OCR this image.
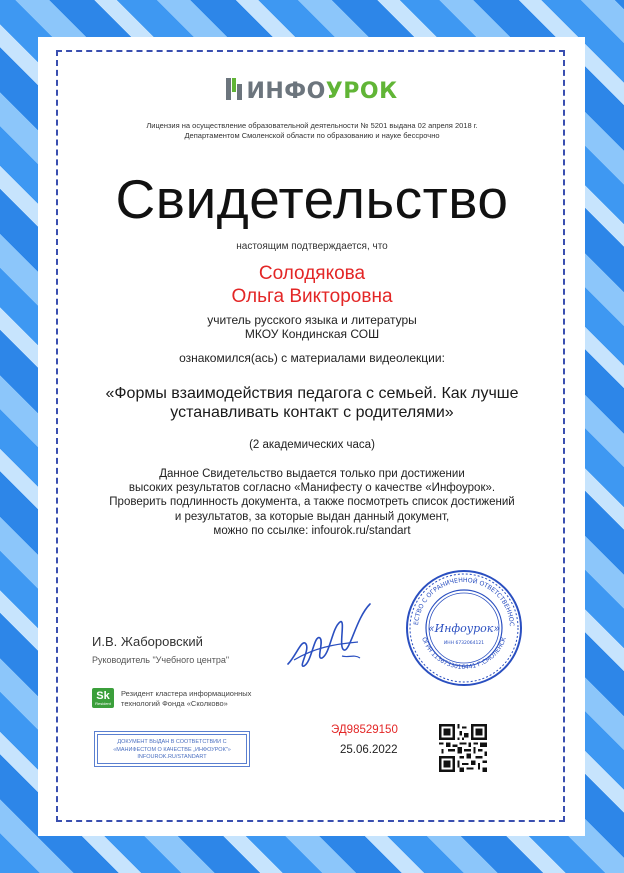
ИНФОУРОК
Лицензия на осуществление образовательной деятельности № 5201 выдана 02 апреля 2018 г.
Департаментом Смоленской области по образованию и науке бессрочно
Свидетельство
настоящим подтверждается, что
Солодякова
Ольга Викторовна
учитель русского языка и литературы
МКОУ Кондинская СОШ
ознакомился(ась) с материалами видеолекции:
«Формы взаимодействия педагога с семьей. Как лучше
устанавливать контакт с родителями»
(2 академических часа)
Данное Свидетельство выдается только при достижении
высоких результатов согласно «Манифесту о качестве «Инфоурок».
Проверить подлинность документа, а также посмотреть список достижений
и результатов, за которые выдан данный документ,
можно по ссылке: infourok.ru/standart
ЕСТВО С ОГРАНИЧЕННОЙ ОТВЕТСТВЕННОС
ОГРН 1136733016441 Г.СМОЛЕНСК
«Инфоурок»
ИНН 6732064121
И.В. Жаборовский
Руководитель "Учебного центра"
Sk
Resident
Резидент кластера информационных
технологий Фонда «Сколково»
ДОКУМЕНТ ВЫДАН В СООТВЕТСТВИИ С
«МАНИФЕСТОМ О КАЧЕСТВЕ „ИНФОУРОК"»
INFOUROK.RU/STANDART
ЭД98529150
25.06.2022
